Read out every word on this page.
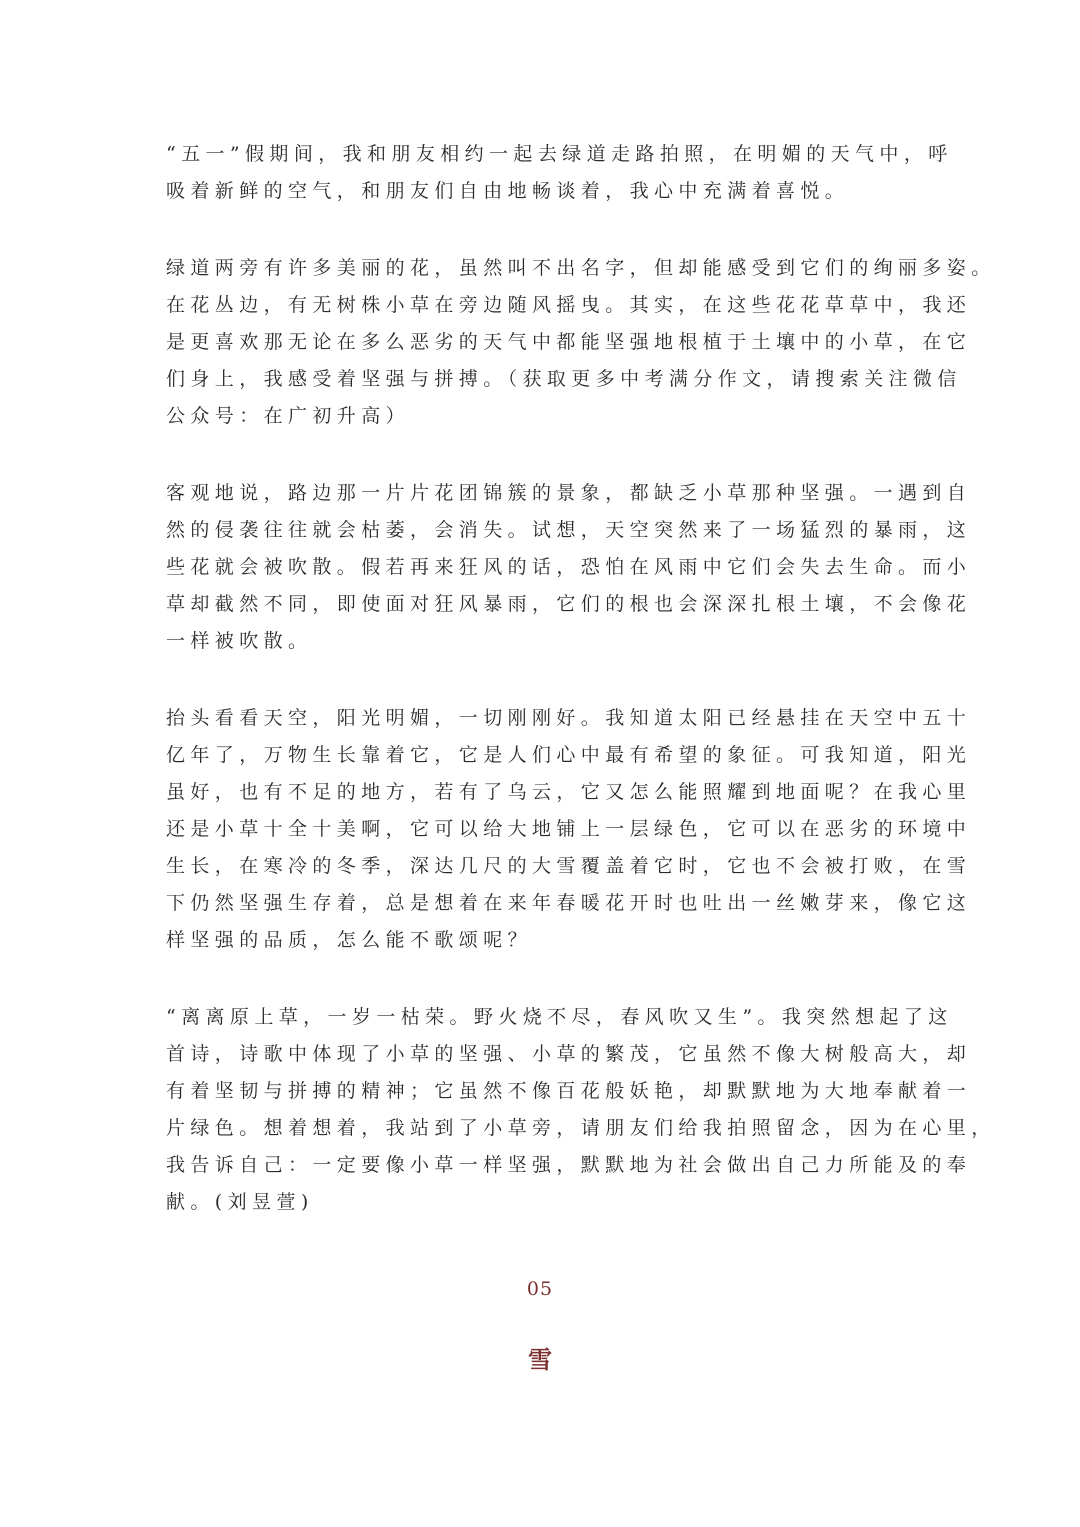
“五一”假期间，我和朋友相约一起去绿道走路拍照，在明媚的天气中，呼
吸着新鲜的空气，和朋友们自由地畅谈着，我心中充满着喜悦。

绿道两旁有许多美丽的花，虽然叫不出名字，但却能感受到它们的绚丽多姿。
在花丛边，有无树株小草在旁边随风摇曳。其实，在这些花花草草中，我还
是更喜欢那无论在多么恶劣的天气中都能坚强地根植于土壤中的小草，在它
们身上，我感受着坚强与拼搏。（获取更多中考满分作文，请搜索关注微信
公众号：在广初升高）

客观地说，路边那一片片花团锦簇的景象，都缺乏小草那种坚强。一遇到自
然的侵袭往往就会枯萎，会消失。试想，天空突然来了一场猛烈的暴雨，这
些花就会被吹散。假若再来狂风的话，恐怕在风雨中它们会失去生命。而小
草却截然不同，即使面对狂风暴雨，它们的根也会深深扎根土壤，不会像花
一样被吹散。

抬头看看天空，阳光明媚，一切刚刚好。我知道太阳已经悬挂在天空中五十
亿年了，万物生长靠着它，它是人们心中最有希望的象征。可我知道，阳光
虽好，也有不足的地方，若有了乌云，它又怎么能照耀到地面呢？在我心里
还是小草十全十美啊，它可以给大地铺上一层绿色，它可以在恶劣的环境中
生长，在寒冷的冬季，深达几尺的大雪覆盖着它时，它也不会被打败，在雪
下仍然坚强生存着，总是想着在来年春暖花开时也吐出一丝嫩芽来，像它这
样坚强的品质，怎么能不歌颂呢？

“离离原上草，一岁一枯荣。野火烧不尽，春风吹又生”。我突然想起了这
首诗，诗歌中体现了小草的坚强、小草的繁茂，它虽然不像大树般高大，却
有着坚韧与拼搏的精神；它虽然不像百花般妖艳，却默默地为大地奉献着一
片绿色。想着想着，我站到了小草旁，请朋友们给我拍照留念，因为在心里，
我告诉自己：一定要像小草一样坚强，默默地为社会做出自己力所能及的奉
献。(刘昱萱)

05
雪
